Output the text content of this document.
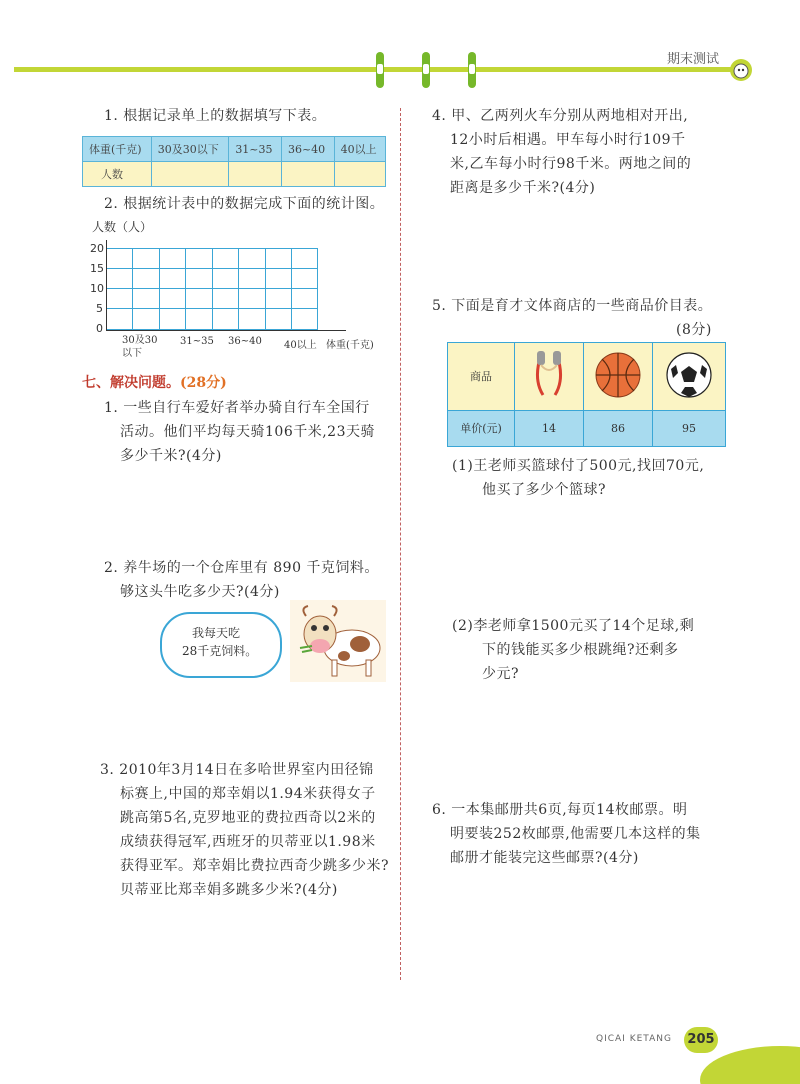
期末测试
1. 根据记录单上的数据填写下表。
体重(千克)	30及30以下	31~35	36~40	40以上
人数				
2. 根据统计表中的数据完成下面的统计图。
人数（人）
20
15
10
5
0
30及30
以下
31~35 36~40 40以上 体重(千克)
七、解决问题。(28分)
1. 一些自行车爱好者举办骑自行车全国行
活动。他们平均每天骑106千米,23天骑
多少千米?(4分)
2. 养牛场的一个仓库里有 890 千克饲料。
够这头牛吃多少天?(4分)
我每天吃
28千克饲料。
3. 2010年3月14日在多哈世界室内田径锦
标赛上,中国的郑幸娟以1.94米获得女子
跳高第5名,克罗地亚的费拉西奇以2米的
成绩获得冠军,西班牙的贝蒂亚以1.98米
获得亚军。郑幸娟比费拉西奇少跳多少米?
贝蒂亚比郑幸娟多跳多少米?(4分)
4. 甲、乙两列火车分别从两地相对开出,
12小时后相遇。甲车每小时行109千
米,乙车每小时行98千米。两地之间的
距离是多少千米?(4分)
5. 下面是育才文体商店的一些商品价目表。
(8分)
商品			
单价(元)	14	86	95
(1)王老师买篮球付了500元,找回70元,
他买了多少个篮球?
(2)李老师拿1500元买了14个足球,剩
下的钱能买多少根跳绳?还剩多
少元?
6. 一本集邮册共6页,每页14枚邮票。明
明要装252枚邮票,他需要几本这样的集
邮册才能装完这些邮票?(4分)
QICAI KETANG 205
